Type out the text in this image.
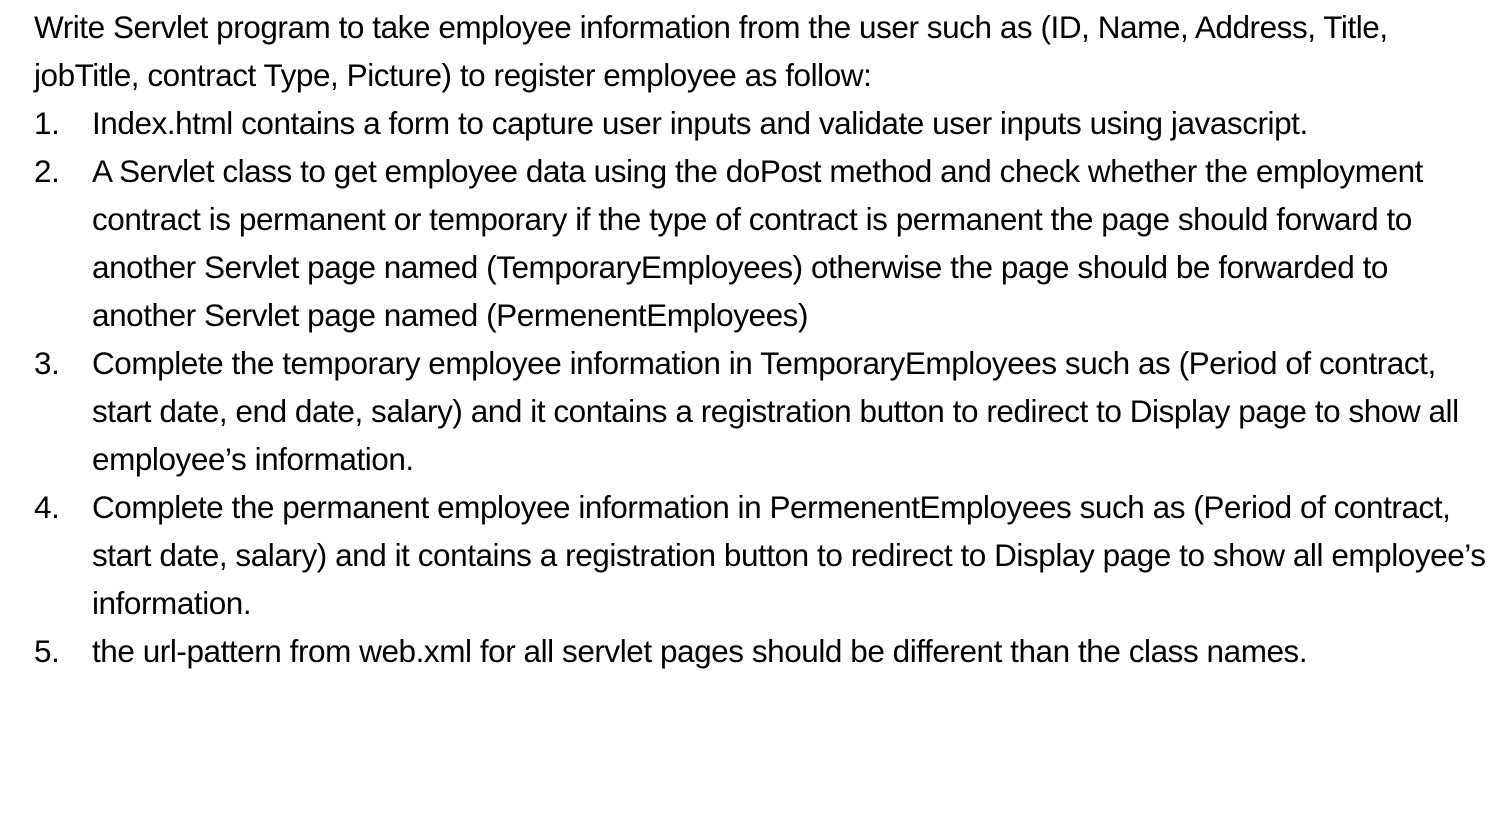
Write Servlet program to take employee information from the user such as (ID, Name, Address, Title, jobTitle, contract Type, Picture) to register employee as follow:

1. Index.html contains a form to capture user inputs and validate user inputs using javascript.
2. A Servlet class to get employee data using the doPost method and check whether the employment contract is permanent or temporary if the type of contract is permanent the page should forward to another Servlet page named (TemporaryEmployees) otherwise the page should be forwarded to another Servlet page named (PermenentEmployees)
3. Complete the temporary employee information in TemporaryEmployees such as (Period of contract, start date, end date, salary) and it contains a registration button to redirect to Display page to show all employee’s information.
4. Complete the permanent employee information in PermenentEmployees such as (Period of contract, start date, salary) and it contains a registration button to redirect to Display page to show all employee’s information.
5. the url-pattern from web.xml for all servlet pages should be different than the class names.
